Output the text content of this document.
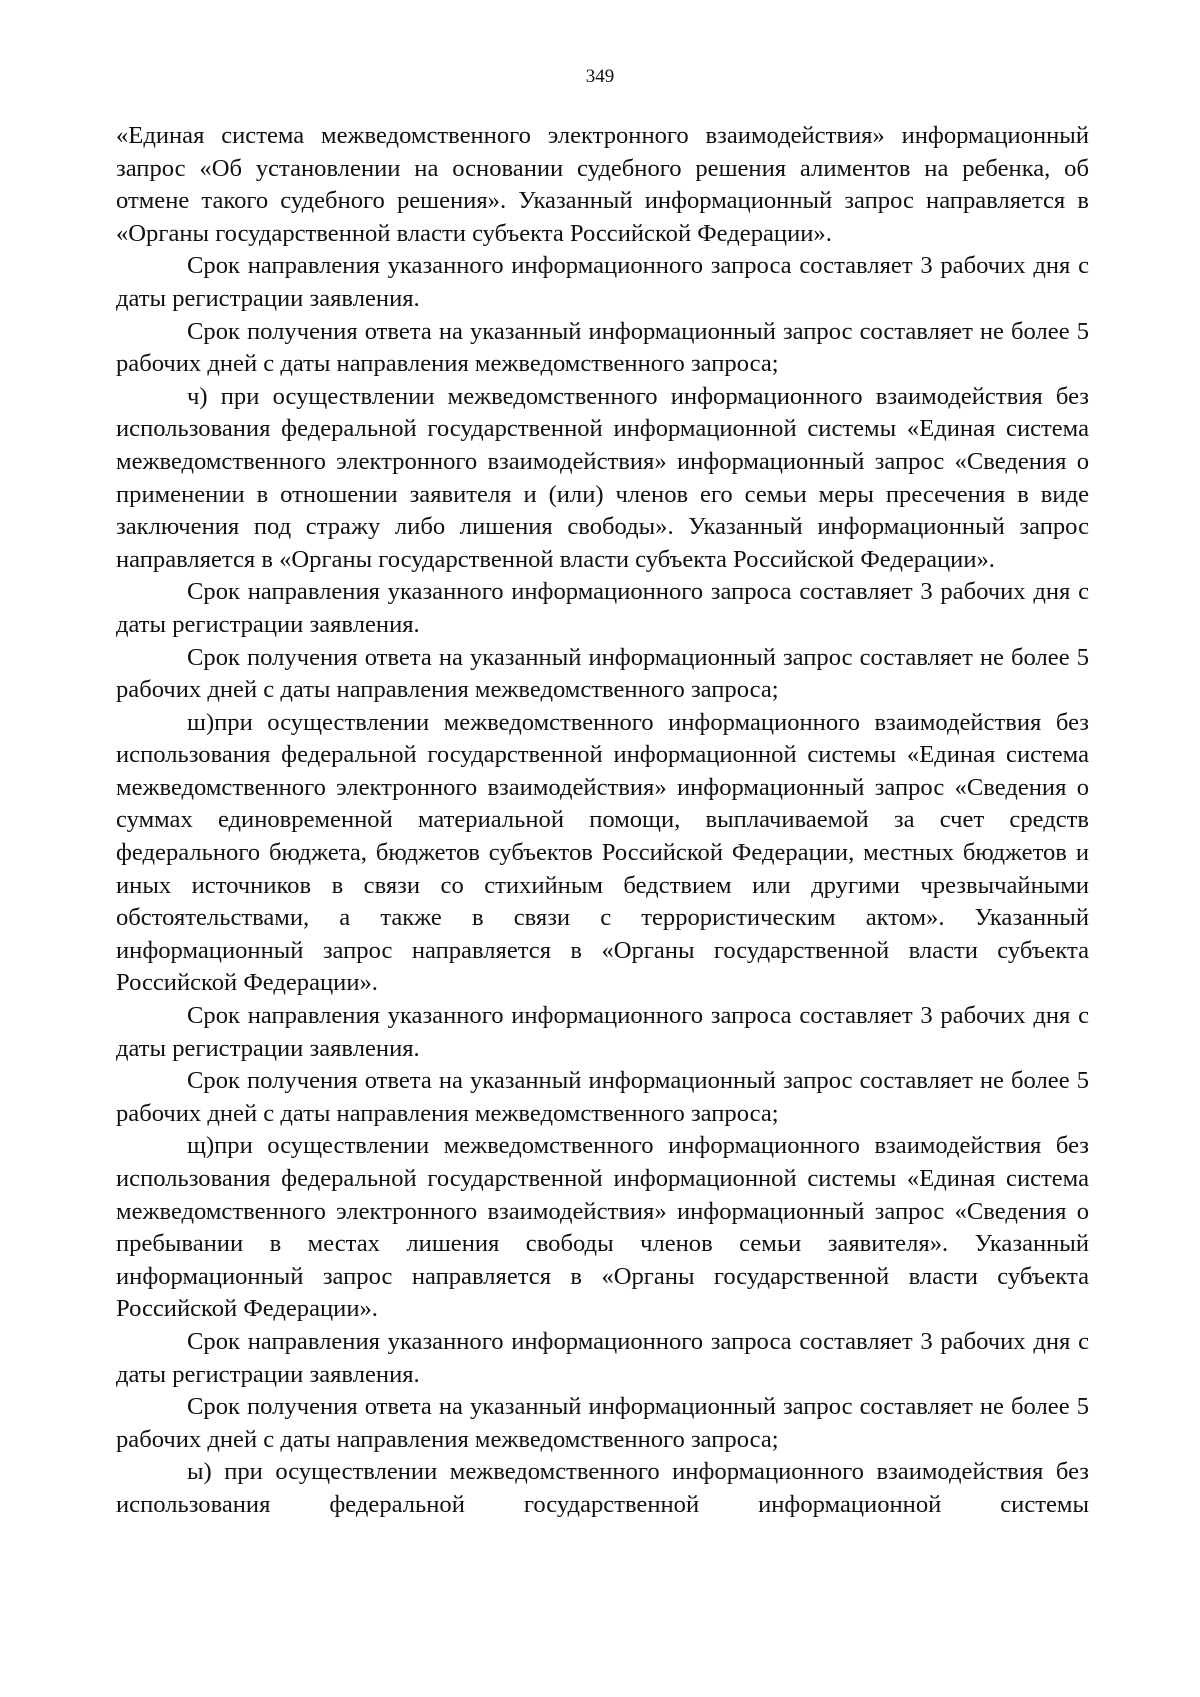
349

«Единая система межведомственного электронного взаимодействия» информационный запрос «Об установлении на основании судебного решения алиментов на ребенка, об отмене такого судебного решения». Указанный информационный запрос направляется в «Органы государственной власти субъекта Российской Федерации».

Срок направления указанного информационного запроса составляет 3 рабочих дня с даты регистрации заявления.

Срок получения ответа на указанный информационный запрос составляет не более 5 рабочих дней с даты направления межведомственного запроса;

ч) при осуществлении межведомственного информационного взаимодействия без использования федеральной государственной информационной системы «Единая система межведомственного электронного взаимодействия» информационный запрос «Сведения о применении в отношении заявителя и (или) членов его семьи меры пресечения в виде заключения под стражу либо лишения свободы». Указанный информационный запрос направляется в «Органы государственной власти субъекта Российской Федерации».

Срок направления указанного информационного запроса составляет 3 рабочих дня с даты регистрации заявления.

Срок получения ответа на указанный информационный запрос составляет не более 5 рабочих дней с даты направления межведомственного запроса;

ш)при осуществлении межведомственного информационного взаимодействия без использования федеральной государственной информационной системы «Единая система межведомственного электронного взаимодействия» информационный запрос «Сведения о суммах единовременной материальной помощи, выплачиваемой за счет средств федерального бюджета, бюджетов субъектов Российской Федерации, местных бюджетов и иных источников в связи со стихийным бедствием или другими чрезвычайными обстоятельствами, а также в связи с террористическим актом». Указанный информационный запрос направляется в «Органы государственной власти субъекта Российской Федерации».

Срок направления указанного информационного запроса составляет 3 рабочих дня с даты регистрации заявления.

Срок получения ответа на указанный информационный запрос составляет не более 5 рабочих дней с даты направления межведомственного запроса;

щ)при осуществлении межведомственного информационного взаимодействия без использования федеральной государственной информационной системы «Единая система межведомственного электронного взаимодействия» информационный запрос «Сведения о пребывании в местах лишения свободы членов семьи заявителя». Указанный информационный запрос направляется в «Органы государственной власти субъекта Российской Федерации».

Срок направления указанного информационного запроса составляет 3 рабочих дня с даты регистрации заявления.

Срок получения ответа на указанный информационный запрос составляет не более 5 рабочих дней с даты направления межведомственного запроса;

ы) при осуществлении межведомственного информационного взаимодействия без использования федеральной государственной информационной системы
